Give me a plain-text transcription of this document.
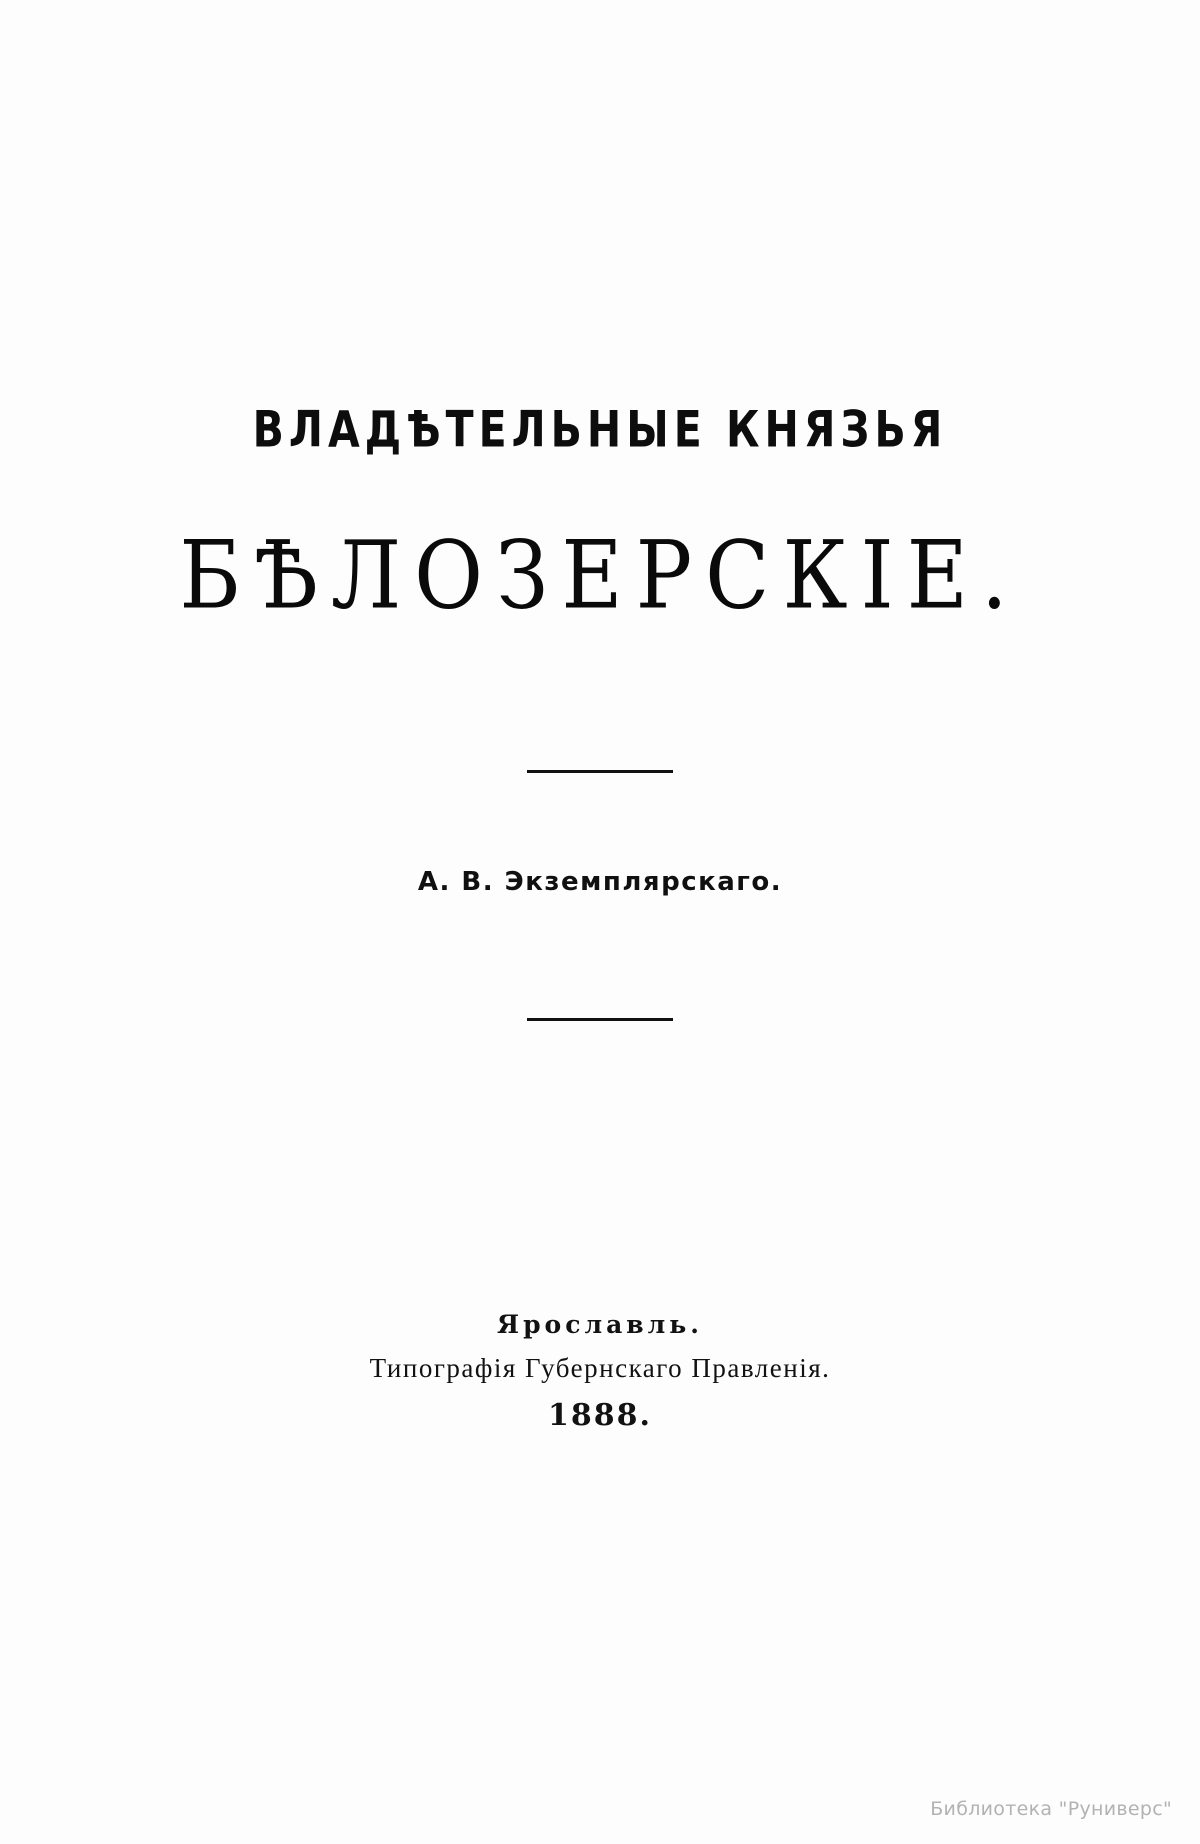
ВЛАДѢТЕЛЬНЫЕ КНЯЗЬЯ
БѢЛОЗЕРСКІЕ.
А. В. Экземплярскаго.
Ярославль.
Типографія Губернскаго Правленія.
1888.
Библиотека "Руниверс"
